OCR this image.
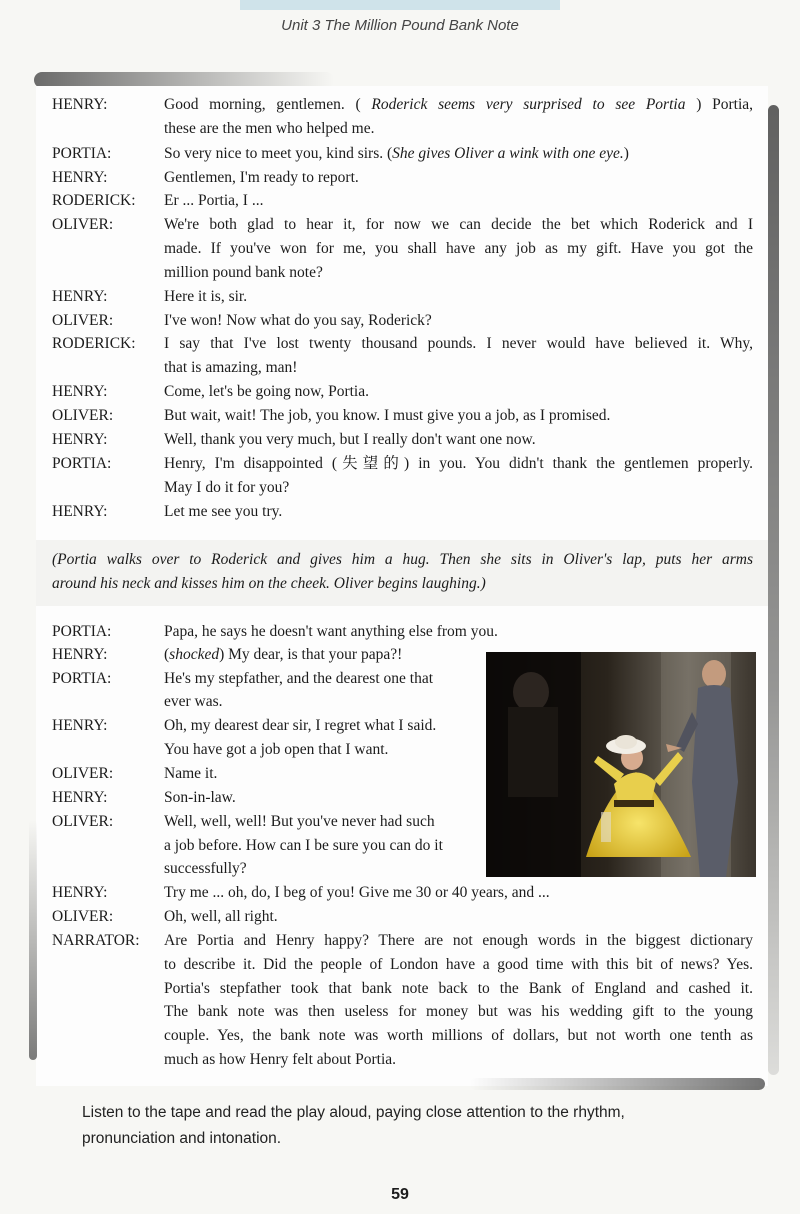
Unit 3 The Million Pound Bank Note
HENRY:
PORTIA:
HENRY:
RODERICK:
OLIVER:
HENRY:
OLIVER:
RODERICK:
HENRY:
OLIVER:
HENRY:
PORTIA:
HENRY:
PORTIA:
HENRY:
PORTIA:
HENRY:
OLIVER:
HENRY:
OLIVER:
HENRY:
OLIVER:
NARRATOR:
Good morning, gentlemen. ( Roderick seems very surprised to see Portia ) Portia,
these are the men who helped me.
So very nice to meet you, kind sirs. (She gives Oliver a wink with one eye.)
Gentlemen, I'm ready to report.
Er ... Portia, I ...
We're both glad to hear it, for now we can decide the bet which Roderick and I
made. If you've won for me, you shall have any job as my gift. Have you got the
million pound bank note?
Here it is, sir.
I've won! Now what do you say, Roderick?
I say that I've lost twenty thousand pounds. I never would have believed it. Why,
that is amazing, man!
Come, let's be going now, Portia.
But wait, wait! The job, you know. I must give you a job, as I promised.
Well, thank you very much, but I really don't want one now.
Henry, I'm disappointed (失望的) in you. You didn't thank the gentlemen properly.
May I do it for you?
Let me see you try.
(Portia walks over to Roderick and gives him a hug. Then she sits in Oliver's lap, puts her arms
around his neck and kisses him on the cheek. Oliver begins laughing.)
Papa, he says he doesn't want anything else from you.
(shocked) My dear, is that your papa?!
He's my stepfather, and the dearest one that
ever was.
Oh, my dearest dear sir, I regret what I said.
You have got a job open that I want.
Name it.
Son-in-law.
Well, well, well! But you've never had such
a job before. How can I be sure you can do it
successfully?
Try me ... oh, do, I beg of you! Give me 30 or 40 years, and ...
Oh, well, all right.
Are Portia and Henry happy? There are not enough words in the biggest dictionary
to describe it. Did the people of London have a good time with this bit of news? Yes.
Portia's stepfather took that bank note back to the Bank of England and cashed it.
The bank note was then useless for money but was his wedding gift to the young
couple. Yes, the bank note was worth millions of dollars, but not worth one tenth as
much as how Henry felt about Portia.
Listen to the tape and read the play aloud, paying close attention to the rhythm,
pronunciation and intonation.
59
